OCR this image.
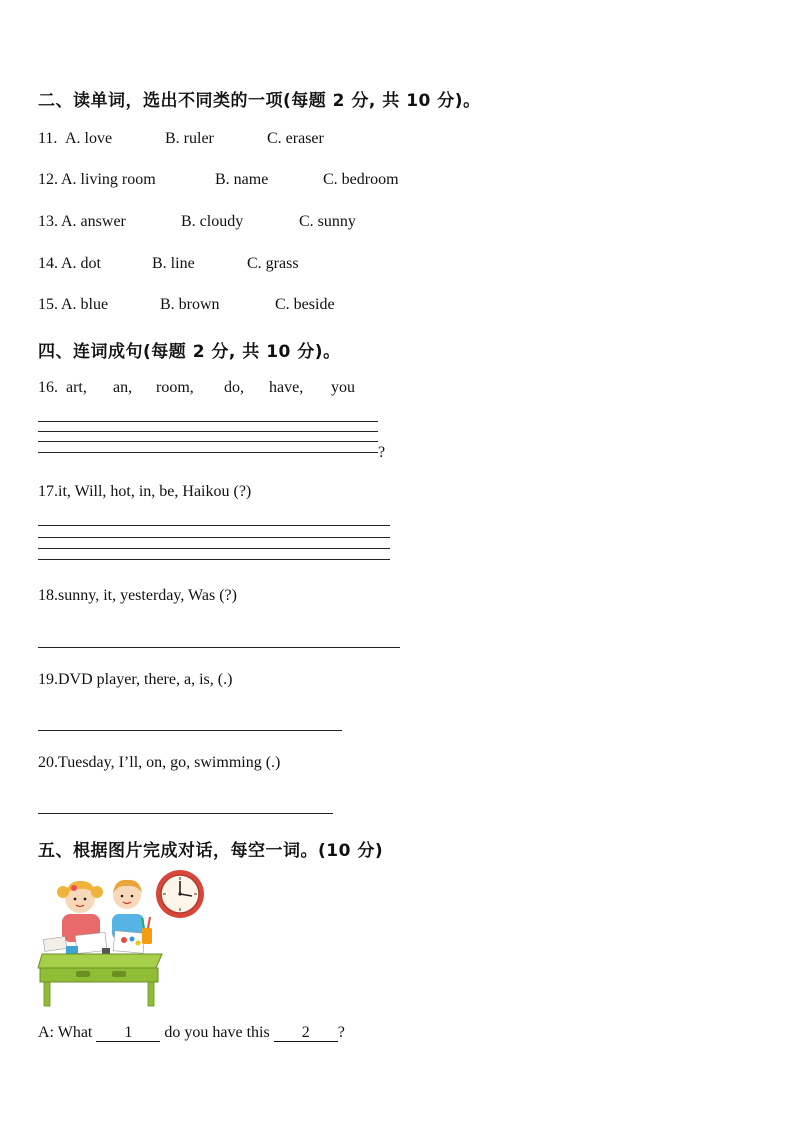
二、读单词，选出不同类的一项(每题 2 分, 共 10 分)。
11. A. love	B. ruler	C. eraser
12. A. living room	B. name	C. bedroom
13. A. answer	B. cloudy	C. sunny
14. A. dot	B. line	C. grass
15. A. blue	B. brown	C. beside
四、连词成句(每题 2 分, 共 10 分)。
16. art, an, room, do, have, you
?
17.it, Will, hot, in, be, Haikou (?)
18.sunny, it, yesterday, Was (?)
19.DVD player, there, a, is, (.)
20.Tuesday, I’ll, on, go, swimming (.)
五、根据图片完成对话，每空一词。(10 分)
A: What 1 do you have this 2 ?
